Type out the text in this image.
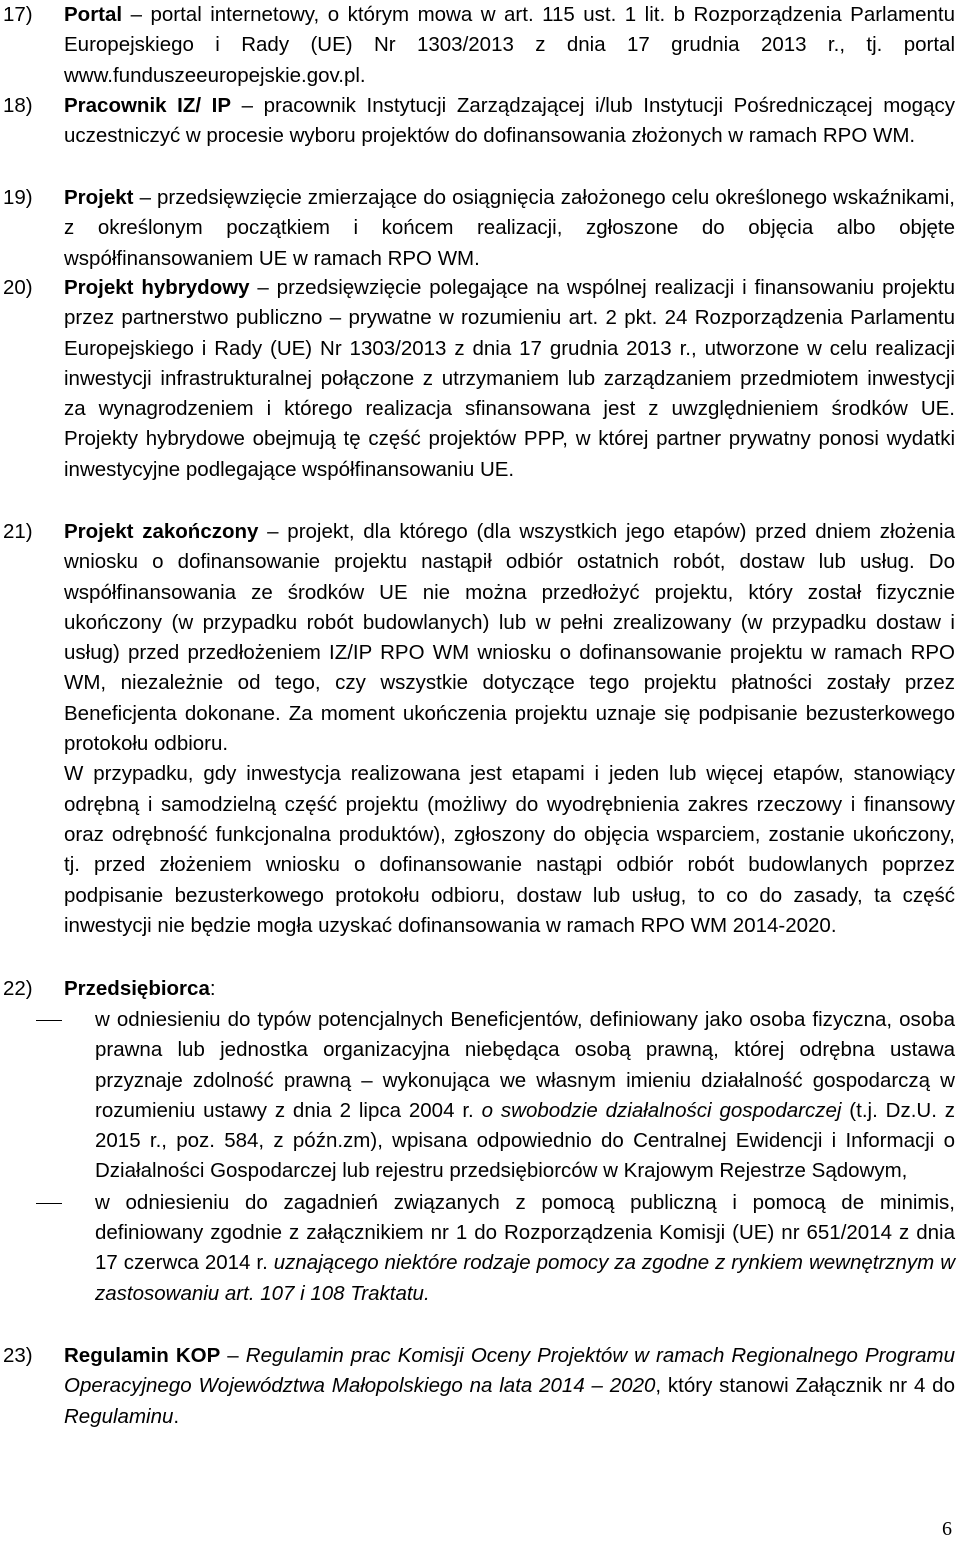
17)	Portal – portal internetowy, o którym mowa w art. 115 ust. 1 lit. b Rozporządzenia Parlamentu Europejskiego i Rady (UE) Nr 1303/2013 z dnia 17 grudnia 2013 r., tj. portal www.funduszeeuropejskie.gov.pl.

18)	Pracownik IZ/ IP – pracownik Instytucji Zarządzającej i/lub Instytucji Pośredniczącej mogący uczestniczyć w procesie wyboru projektów do dofinansowania złożonych w ramach RPO WM.

19)	Projekt – przedsięwzięcie zmierzające do osiągnięcia założonego celu określonego wskaźnikami, z określonym początkiem i końcem realizacji, zgłoszone do objęcia albo objęte współfinansowaniem UE w ramach RPO WM.

20)	Projekt hybrydowy – przedsięwzięcie polegające na wspólnej realizacji i finansowaniu projektu przez partnerstwo publiczno – prywatne w rozumieniu art. 2 pkt. 24 Rozporządzenia Parlamentu Europejskiego i Rady (UE) Nr 1303/2013 z dnia 17 grudnia 2013 r., utworzone w celu realizacji inwestycji infrastrukturalnej połączone z utrzymaniem lub zarządzaniem przedmiotem inwestycji za wynagrodzeniem i którego realizacja sfinansowana jest z uwzględnieniem środków UE. Projekty hybrydowe obejmują tę część projektów PPP, w której partner prywatny ponosi wydatki inwestycyjne podlegające współfinansowaniu UE.

21)	Projekt zakończony – projekt, dla którego (dla wszystkich jego etapów) przed dniem złożenia wniosku o dofinansowanie projektu nastąpił odbiór ostatnich robót, dostaw lub usług. Do współfinansowania ze środków UE nie można przedłożyć projektu, który został fizycznie ukończony (w przypadku robót budowlanych) lub w pełni zrealizowany (w przypadku dostaw i usług) przed przedłożeniem IZ/IP RPO WM wniosku o dofinansowanie projektu w ramach RPO WM, niezależnie od tego, czy wszystkie dotyczące tego projektu płatności zostały przez Beneficjenta dokonane. Za moment ukończenia projektu uznaje się podpisanie bezusterkowego protokołu odbioru.

W przypadku, gdy inwestycja realizowana jest etapami i jeden lub więcej etapów, stanowiący odrębną i samodzielną część projektu (możliwy do wyodrębnienia zakres rzeczowy i finansowy oraz odrębność funkcjonalna produktów), zgłoszony do objęcia wsparciem, zostanie ukończony, tj. przed złożeniem wniosku o dofinansowanie nastąpi odbiór robót budowlanych poprzez podpisanie bezusterkowego protokołu odbioru, dostaw lub usług, to co do zasady, ta część inwestycji nie będzie mogła uzyskać dofinansowania w ramach RPO WM 2014-2020.

22)	Przedsiębiorca:

w odniesieniu do typów potencjalnych Beneficjentów, definiowany jako osoba fizyczna, osoba prawna lub jednostka organizacyjna niebędąca osobą prawną, której odrębna ustawa przyznaje zdolność prawną – wykonująca we własnym imieniu działalność gospodarczą w rozumieniu ustawy z dnia 2 lipca 2004 r. o swobodzie działalności gospodarczej (t.j. Dz.U. z 2015 r., poz. 584, z późn.zm), wpisana odpowiednio do Centralnej Ewidencji i Informacji o Działalności Gospodarczej lub rejestru przedsiębiorców w Krajowym Rejestrze Sądowym,
w odniesieniu do zagadnień związanych z pomocą publiczną i pomocą de minimis, definiowany zgodnie z załącznikiem nr 1 do Rozporządzenia Komisji (UE) nr 651/2014 z dnia 17 czerwca 2014 r. uznającego niektóre rodzaje pomocy za zgodne z rynkiem wewnętrznym w zastosowaniu art. 107 i 108 Traktatu.
23)	Regulamin KOP – Regulamin prac Komisji Oceny Projektów w ramach Regionalnego Programu Operacyjnego Województwa Małopolskiego na lata 2014 – 2020, który stanowi Załącznik nr 4 do Regulaminu.

6
